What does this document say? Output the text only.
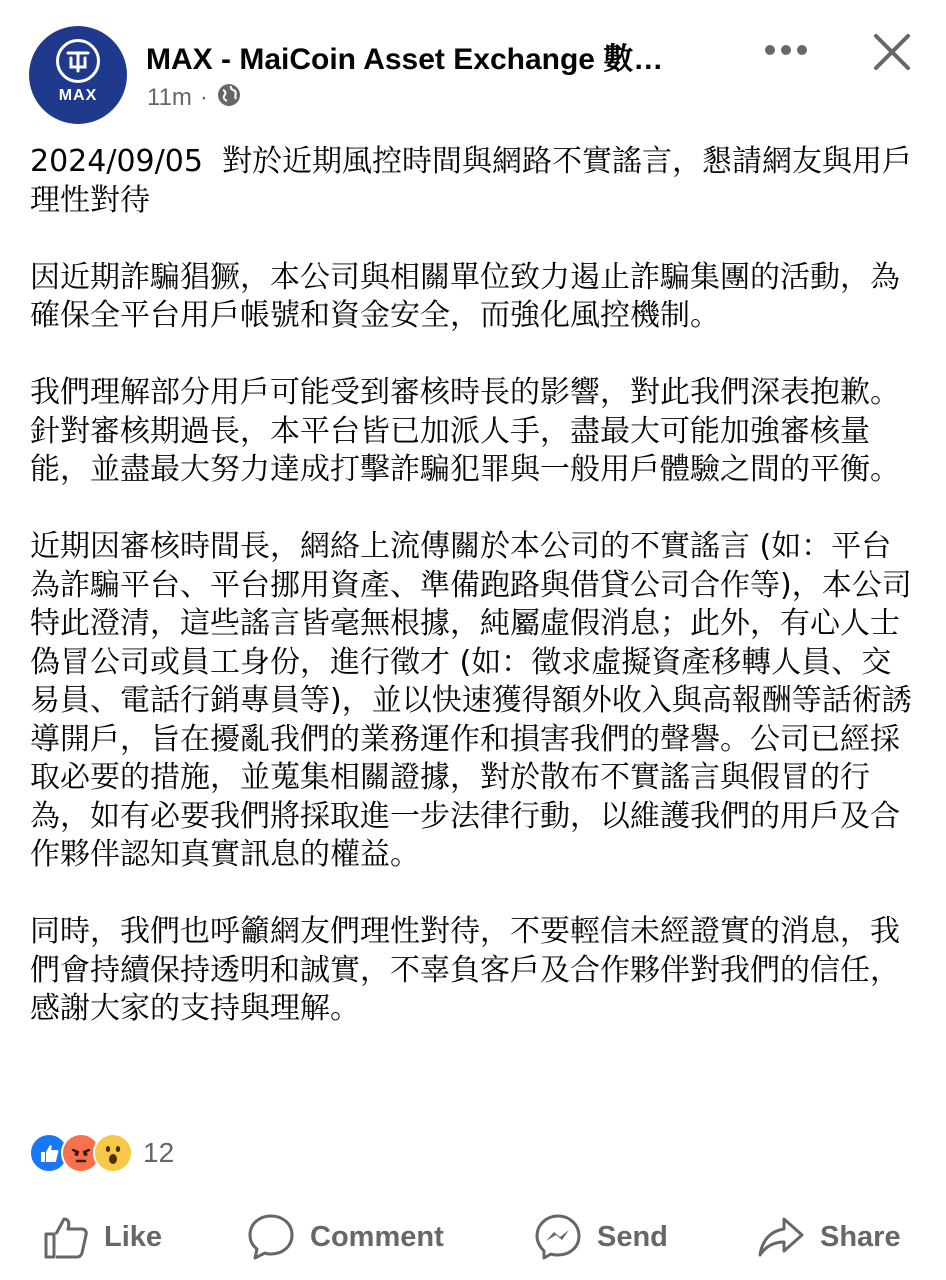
MAX
MAX - MaiCoin Asset Exchange 數…
11m ·

2024/09/05  對於近期風控時間與網路不實謠言，懇請網友與用戶理性對待

因近期詐騙猖獗，本公司與相關單位致力遏止詐騙集團的活動，為確保全平台用戶帳號和資金安全，而強化風控機制。

我們理解部分用戶可能受到審核時長的影響，對此我們深表抱歉。針對審核期過長，本平台皆已加派人手，盡最大可能加強審核量能，並盡最大努力達成打擊詐騙犯罪與一般用戶體驗之間的平衡。

近期因審核時間長，網絡上流傳關於本公司的不實謠言 (如：平台為詐騙平台、平台挪用資產、準備跑路與借貸公司合作等)，本公司特此澄清，這些謠言皆毫無根據，純屬虛假消息；此外，有心人士偽冒公司或員工身份，進行徵才 (如：徵求虛擬資產移轉人員、交易員、電話行銷專員等)，並以快速獲得額外收入與高報酬等話術誘導開戶，旨在擾亂我們的業務運作和損害我們的聲譽。公司已經採取必要的措施，並蒐集相關證據，對於散布不實謠言與假冒的行為，如有必要我們將採取進一步法律行動，以維護我們的用戶及合作夥伴認知真實訊息的權益。

同時，我們也呼籲網友們理性對待，不要輕信未經證實的消息，我們會持續保持透明和誠實，不辜負客戶及合作夥伴對我們的信任，感謝大家的支持與理解。

12
Like	Comment	Send	Share
